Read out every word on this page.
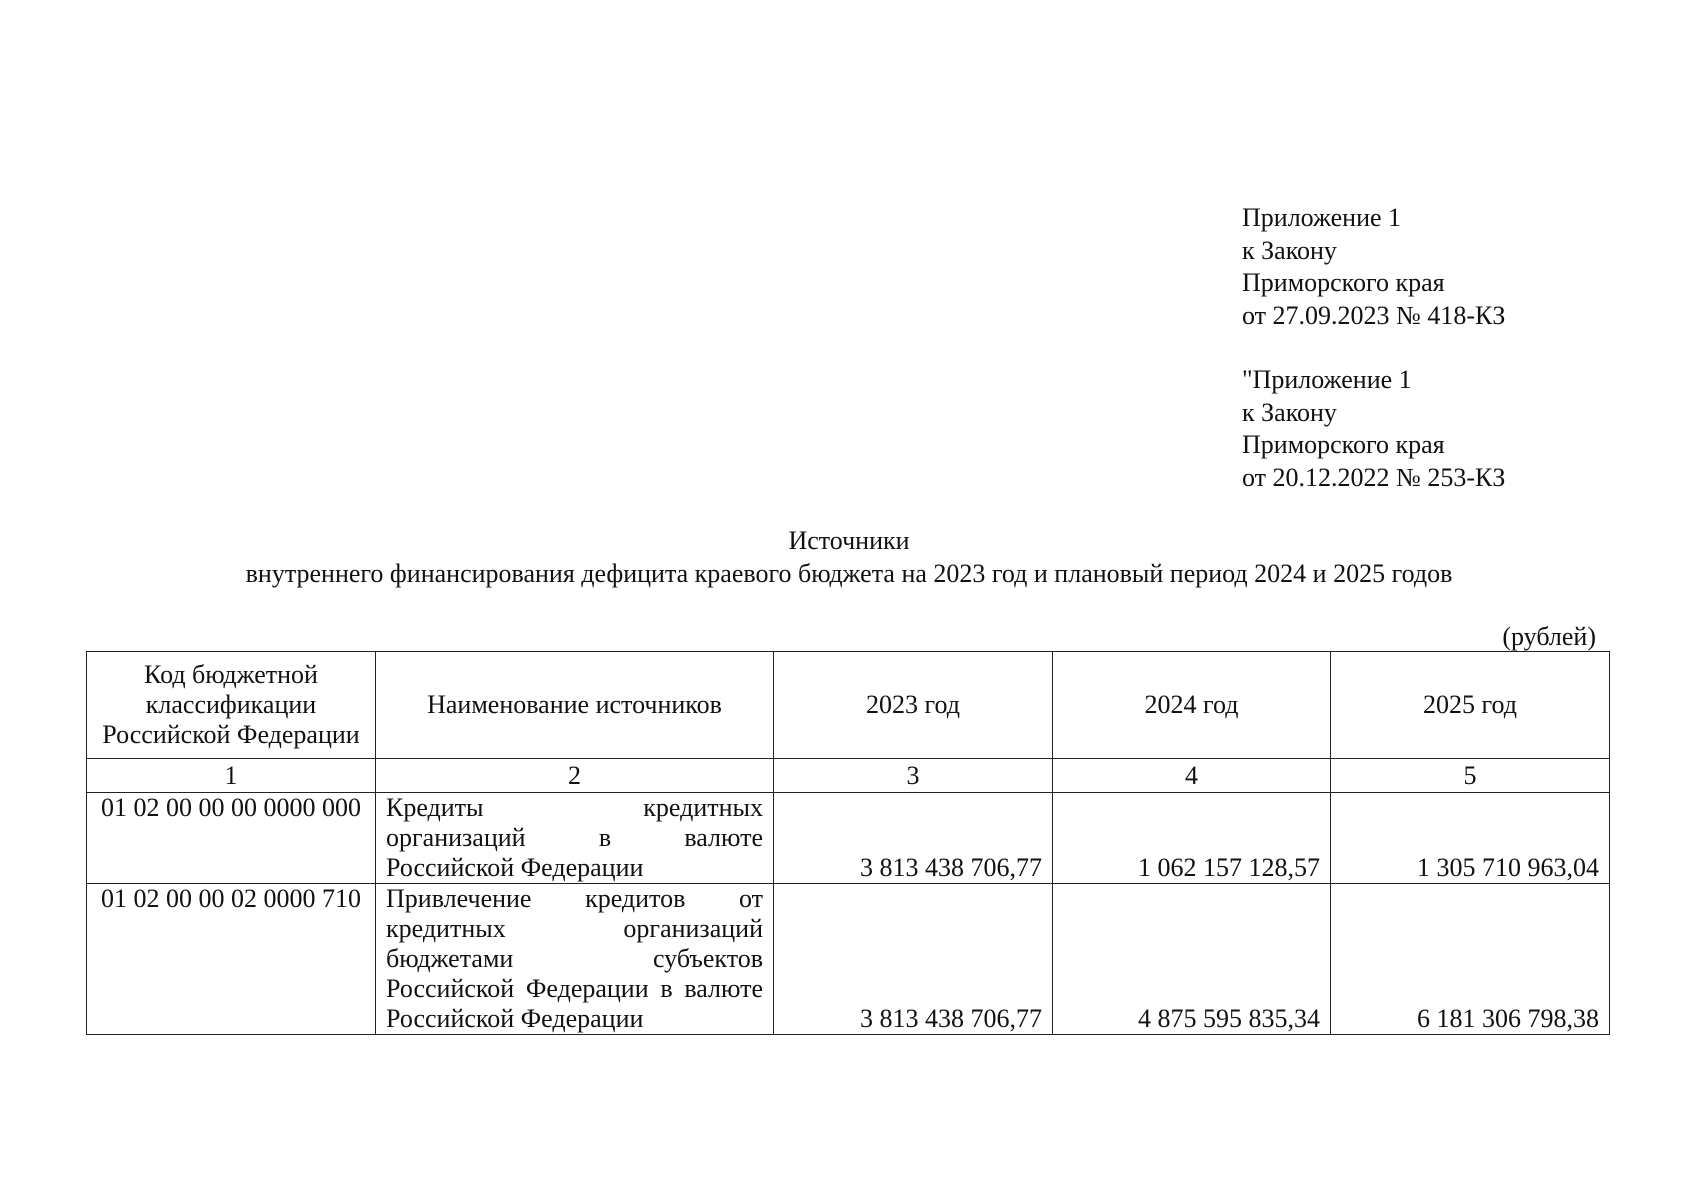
Приложение 1
к Закону
Приморского края
от 27.09.2023 № 418-КЗ
"Приложение 1
к Закону
Приморского края
от 20.12.2022 № 253-КЗ
Источники
внутреннего финансирования дефицита краевого бюджета на 2023 год и плановый период 2024 и 2025 годов
(рублей)
Код бюджетной
классификации
Российской Федерации	Наименование источников	2023 год	2024 год	2025 год
1	2	3	4	5
01 02 00 00 00 0000 000	Кредиты кредитных
организаций в валюте
Российской Федерации	3 813 438 706,77	1 062 157 128,57	1 305 710 963,04
01 02 00 00 02 0000 710	Привлечение кредитов от
кредитных организаций
бюджетами субъектов
Российской Федерации в валюте
Российской Федерации	3 813 438 706,77	4 875 595 835,34	6 181 306 798,38
